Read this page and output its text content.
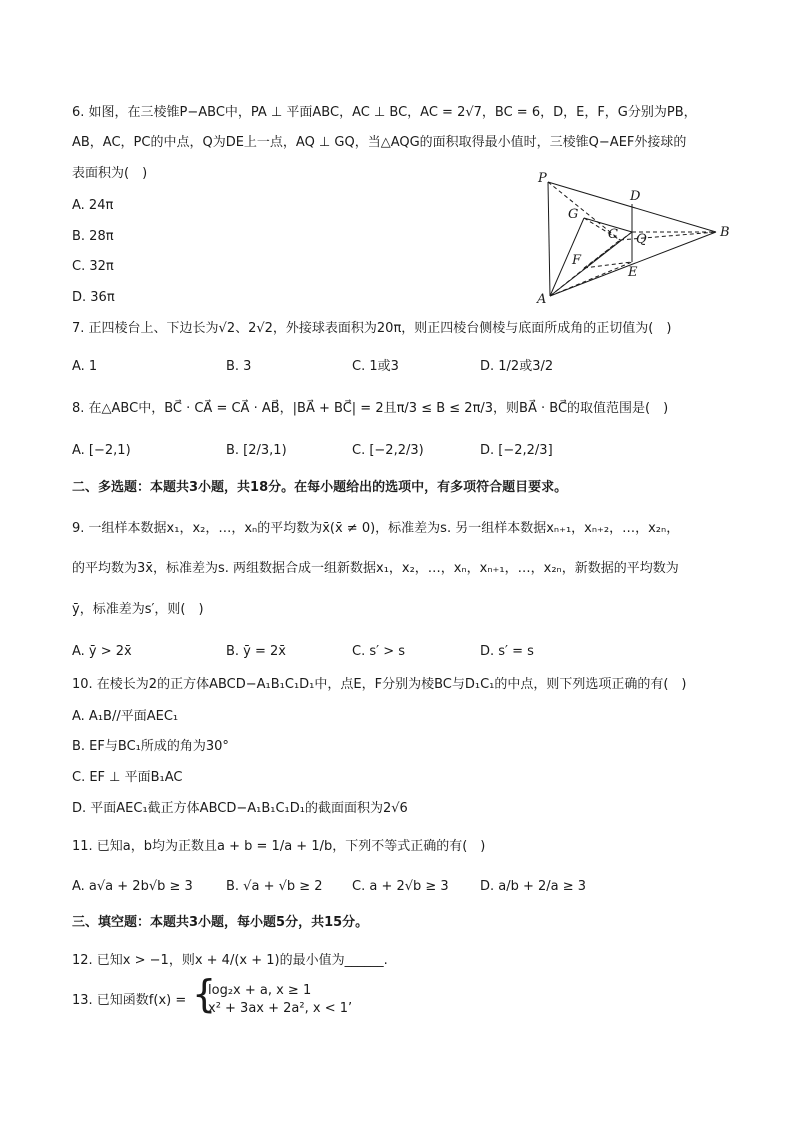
6. 如图，在三棱锥P−ABC中，PA ⊥ 平面ABC，AC ⊥ BC，AC = 2√7，BC = 6，D，E，F，G分别为PB，
AB，AC，PC的中点，Q为DE上一点，AQ ⊥ GQ，当△AQG的面积取得最小值时，三棱锥Q−AEF外接球的
表面积为(　)
A. 24π
B. 28π
C. 32π
D. 36π
P
D
G
C Q	B
F
E
A
7. 正四棱台上、下边长为√2、2√2，外接球表面积为20π，则正四棱台侧棱与底面所成角的正切值为(　)
A. 1	B. 3	C. 1或3	D. 1/2或3/2
8. 在△ABC中，BC⃗ · CA⃗ = CA⃗ · AB⃗，|BA⃗ + BC⃗| = 2且π/3 ≤ B ≤ 2π/3，则BA⃗ · BC⃗的取值范围是(　)
A. [−2,1)	B. [2/3,1)	C. [−2,2/3)	D. [−2,2/3]
二、多选题：本题共3小题，共18分。在每小题给出的选项中，有多项符合题目要求。
9. 一组样本数据x₁，x₂，…，xₙ的平均数为x̄(x̄ ≠ 0)，标准差为s. 另一组样本数据xₙ₊₁，xₙ₊₂，…，x₂ₙ，
的平均数为3x̄，标准差为s. 两组数据合成一组新数据x₁，x₂，…，xₙ，xₙ₊₁，…，x₂ₙ，新数据的平均数为
ȳ，标准差为s′，则(　)
A. ȳ > 2x̄	B. ȳ = 2x̄	C. s′ > s	D. s′ = s
10. 在棱长为2的正方体ABCD−A₁B₁C₁D₁中，点E，F分别为棱BC与D₁C₁的中点，则下列选项正确的有(　)
A. A₁B//平面AEC₁
B. EF与BC₁所成的角为30°
C. EF ⊥ 平面B₁AC
D. 平面AEC₁截正方体ABCD−A₁B₁C₁D₁的截面面积为2√6
11. 已知a，b均为正数且a + b = 1/a + 1/b，下列不等式正确的有(　)
A. a√a + 2b√b ≥ 3	B. √a + √b ≥ 2 C. a + 2√b ≥ 3 D. a/b + 2/a ≥ 3
三、填空题：本题共3小题，每小题5分，共15分。
12. 已知x > −1，则x + 4/(x + 1)的最小值为______.
13. 已知函数f(x) = {
log₂x + a, x ≥ 1
x² + 3ax + 2a², x < 1’
